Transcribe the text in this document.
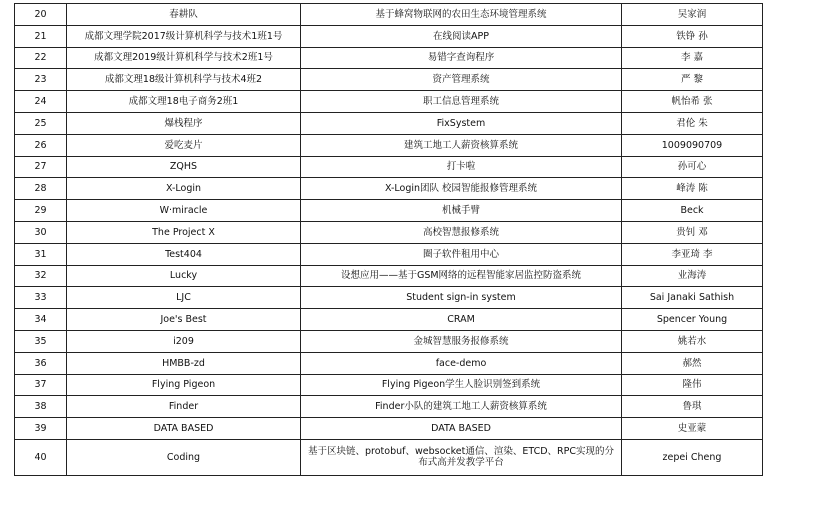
20	春耕队	基于蜂窝物联网的农田生态环境管理系统	吴家润
21	成都文理学院2017级计算机科学与技术1班1号	在线阅读APP	铁铮 孙
22	成都文理2019级计算机科学与技术2班1号	易错字查询程序	李 嘉
23	成都文理18级计算机科学与技术4班2	资产管理系统	严 黎
24	成都文理18电子商务2班1	职工信息管理系统	帆怡希 张
25	爆栈程序	FixSystem	君伦 朱
26	爱吃麦片	建筑工地工人薪资核算系统	1009090709
27	ZQHS	打卡啦	孙可心
28	X-Login	X-Login团队 校园智能报修管理系统	峰涛 陈
29	W·miracle	机械手臂	Beck
30	The Project X	高校智慧报修系统	贵钊 邓
31	Test404	圈子软件租用中心	李亚琦 李
32	Lucky	设想应用——基于GSM网络的远程智能家居监控防盗系统	业海涛
33	LJC	Student sign-in system	Sai Janaki Sathish
34	Joe's Best	CRAM	Spencer Young
35	i209	金城智慧服务报修系统	姚若水
36	HMBB-zd	face-demo	郝然
37	Flying Pigeon	Flying Pigeon学生人脸识别签到系统	隆伟
38	Finder	Finder小队的建筑工地工人薪资核算系统	鲁琪
39	DATA BASED	DATA BASED	史亚蒙
40	Coding	基于区块链、protobuf、websocket通信、渲染、ETCD、RPC实现的分布式高并发教学平台	zepei Cheng
